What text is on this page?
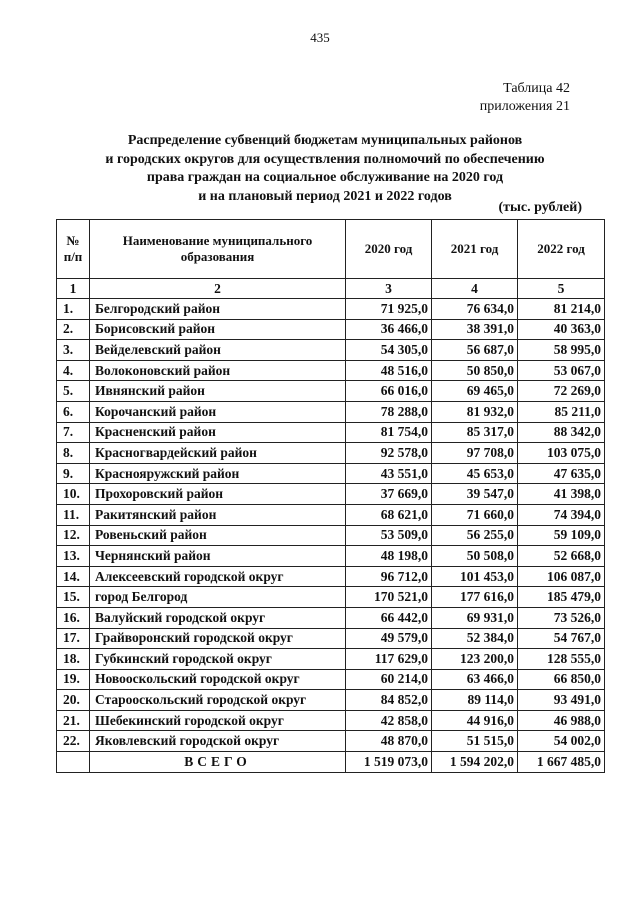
435
Таблица 42
приложения 21
Распределение субвенций бюджетам муниципальных районов
и городских округов для осуществления полномочий по обеспечению
права граждан на социальное обслуживание на 2020 год
и на плановый период 2021 и 2022 годов
(тыс. рублей)
№ п/п	Наименование муниципального образования	2020 год	2021 год	2022 год
1	2	3	4	5
1.	Белгородский район	71 925,0	76 634,0	81 214,0
2.	Борисовский район	36 466,0	38 391,0	40 363,0
3.	Вейделевский район	54 305,0	56 687,0	58 995,0
4.	Волоконовский район	48 516,0	50 850,0	53 067,0
5.	Ивнянский район	66 016,0	69 465,0	72 269,0
6.	Корочанский район	78 288,0	81 932,0	85 211,0
7.	Красненский район	81 754,0	85 317,0	88 342,0
8.	Красногвардейский район	92 578,0	97 708,0	103 075,0
9.	Краснояружский район	43 551,0	45 653,0	47 635,0
10.	Прохоровский район	37 669,0	39 547,0	41 398,0
11.	Ракитянский район	68 621,0	71 660,0	74 394,0
12.	Ровеньский район	53 509,0	56 255,0	59 109,0
13.	Чернянский район	48 198,0	50 508,0	52 668,0
14.	Алексеевский городской округ	96 712,0	101 453,0	106 087,0
15.	город Белгород	170 521,0	177 616,0	185 479,0
16.	Валуйский городской округ	66 442,0	69 931,0	73 526,0
17.	Грайворонский городской округ	49 579,0	52 384,0	54 767,0
18.	Губкинский городской округ	117 629,0	123 200,0	128 555,0
19.	Новооскольский городской округ	60 214,0	63 466,0	66 850,0
20.	Старооскольский городской округ	84 852,0	89 114,0	93 491,0
21.	Шебекинский городской округ	42 858,0	44 916,0	46 988,0
22.	Яковлевский городской округ	48 870,0	51 515,0	54 002,0
	ВСЕГО	1 519 073,0	1 594 202,0	1 667 485,0
